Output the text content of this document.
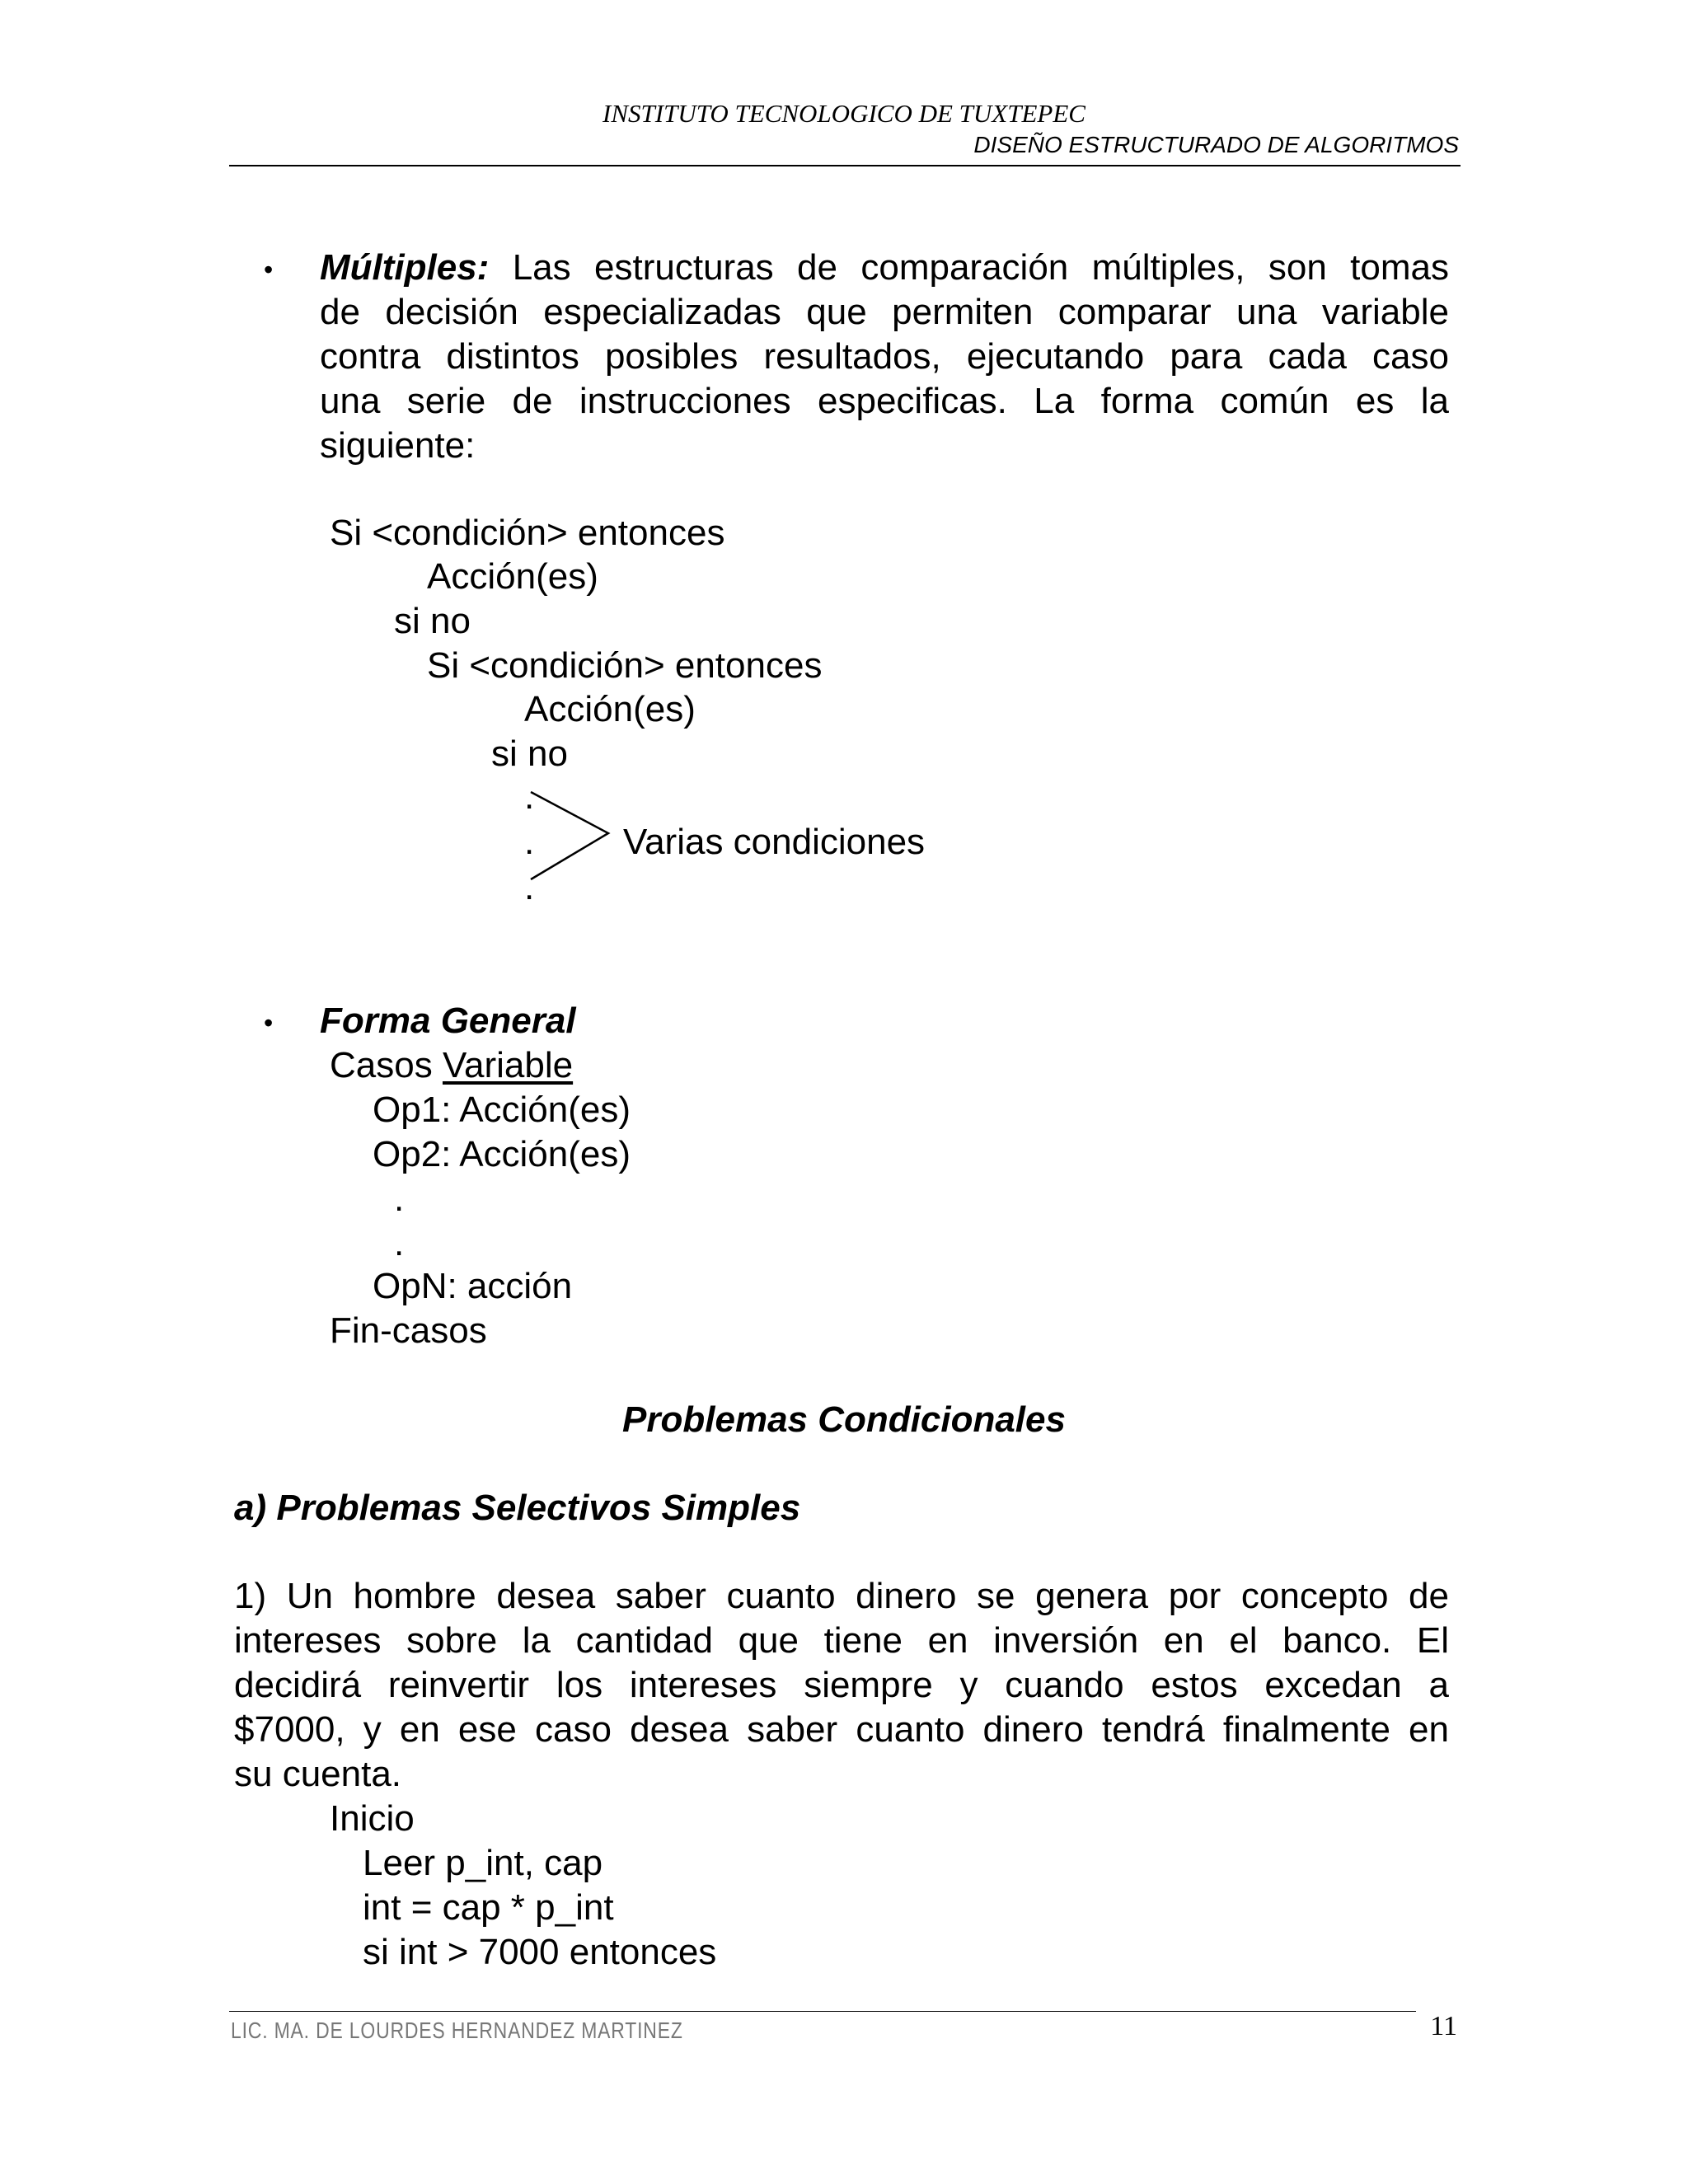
INSTITUTO TECNOLOGICO DE TUXTEPEC
DISEÑO ESTRUCTURADO DE ALGORITMOS
• Múltiples: Las estructuras de comparación múltiples, son tomas
de decisión especializadas que permiten comparar una variable
contra distintos posibles resultados, ejecutando para cada caso
una serie de instrucciones especificas. La forma común es la
siguiente:
Si <condición> entonces
Acción(es)
si no
Si <condición> entonces
Acción(es)
si no
.
.
.
Varias condiciones
• Forma General
Casos Variable
Op1: Acción(es)
Op2: Acción(es)
.
.
OpN: acción
Fin-casos
Problemas Condicionales
a) Problemas Selectivos Simples
1) Un hombre desea saber cuanto dinero se genera por concepto de
intereses sobre la cantidad que tiene en inversión en el banco. El
decidirá reinvertir los intereses siempre y cuando estos excedan a
$7000, y en ese caso desea saber cuanto dinero tendrá finalmente en
su cuenta.
Inicio
Leer p_int, cap
int = cap * p_int
si int > 7000 entonces
LIC. MA. DE LOURDES HERNANDEZ MARTINEZ	11
